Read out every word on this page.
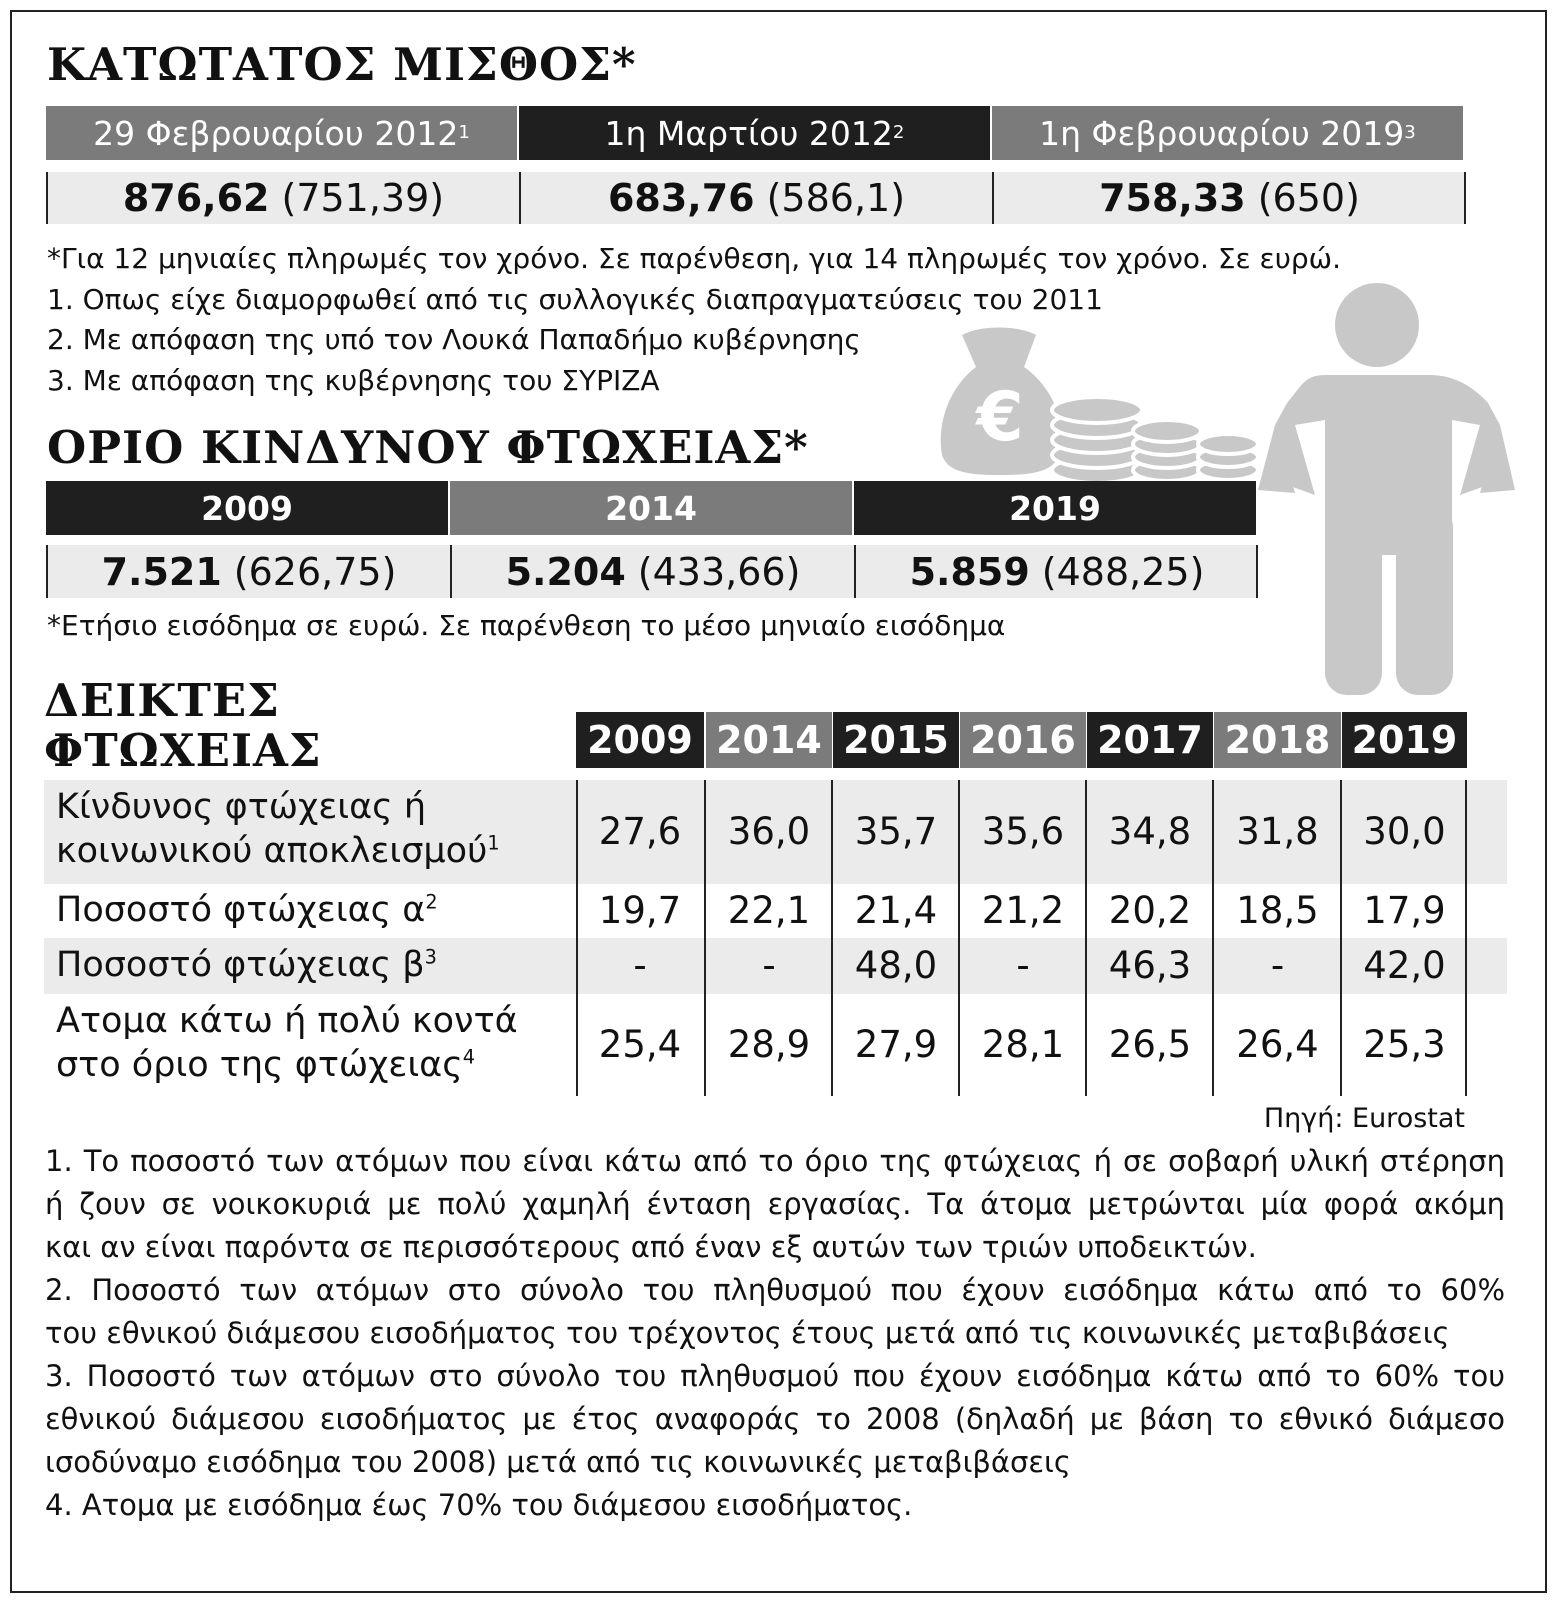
€
ΚΑΤΩΤΑΤΟΣ ΜΙΣΘΟΣ*
29 Φεβρουαρίου 2012 1	1η Μαρτίου 2012 2	1η Φεβρουαρίου 2019 3
876,62 (751,39)	683,76 (586,1)	758,33 (650)
*Για 12 μηνιαίες πληρωμές τον χρόνο. Σε παρένθεση, για 14 πληρωμές τον χρόνο. Σε ευρώ.
1. Οπως είχε διαμορφωθεί από τις συλλογικές διαπραγματεύσεις του 2011
2. Με απόφαση της υπό τον Λουκά Παπαδήμο κυβέρνησης
3. Με απόφαση της κυβέρνησης του ΣΥΡΙΖΑ
ΟΡΙΟ ΚΙΝΔΥΝΟΥ ΦΤΩΧΕΙΑΣ*
2009	2014	2019
7.521 (626,75)	5.204 (433,66)	5.859 (488,25)
*Ετήσιο εισόδημα σε ευρώ. Σε παρένθεση το μέσο μηνιαίο εισόδημα
ΔΕΙΚΤΕΣ
ΦΤΩΧΕΙΑΣ	2009 2014 2015 2016 2017 2018 2019
Κίνδυνος φτώχειας ή
κοινωνικού αποκλεισμού$^1$	27,6	36,0	35,7	35,6	34,8	31,8	30,0
Ποσοστό φτώχειας $\alpha^2$	19,7	22,1	21,4	21,2	20,2	18,5	17,9
Ποσοστό φτώχειας $\beta^3$	-	-	48,0	-	46,3	-	42,0
Ατομα κάτω ή πολύ κοντά
στο όριο της φτώχειας$^4$	25,4	28,9	27,9	28,1	26,5	26,4	25,3
Πηγή: Eurostat

1. Το ποσοστό των ατόμων που είναι κάτω από το όριο της φτώχειας ή σε σοβαρή υλική στέρηση

ή ζουν σε νοικοκυριά με πολύ χαμηλή ένταση εργασίας. Τα άτομα μετρώνται μία φορά ακόμη

και αν είναι παρόντα σε περισσότερους από έναν εξ αυτών των τριών υποδεικτών.

2. Ποσοστό των ατόμων στο σύνολο του πληθυσμού που έχουν εισόδημα κάτω από το 60%

του εθνικού διάμεσου εισοδήματος του τρέχοντος έτους μετά από τις κοινωνικές μεταβιβάσεις

3. Ποσοστό των ατόμων στο σύνολο του πληθυσμού που έχουν εισόδημα κάτω από το 60% του

εθνικού διάμεσου εισοδήματος με έτος αναφοράς το 2008 (δηλαδή με βάση το εθνικό διάμεσο

ισοδύναμο εισόδημα του 2008) μετά από τις κοινωνικές μεταβιβάσεις

4. Ατομα με εισόδημα έως 70% του διάμεσου εισοδήματος.
